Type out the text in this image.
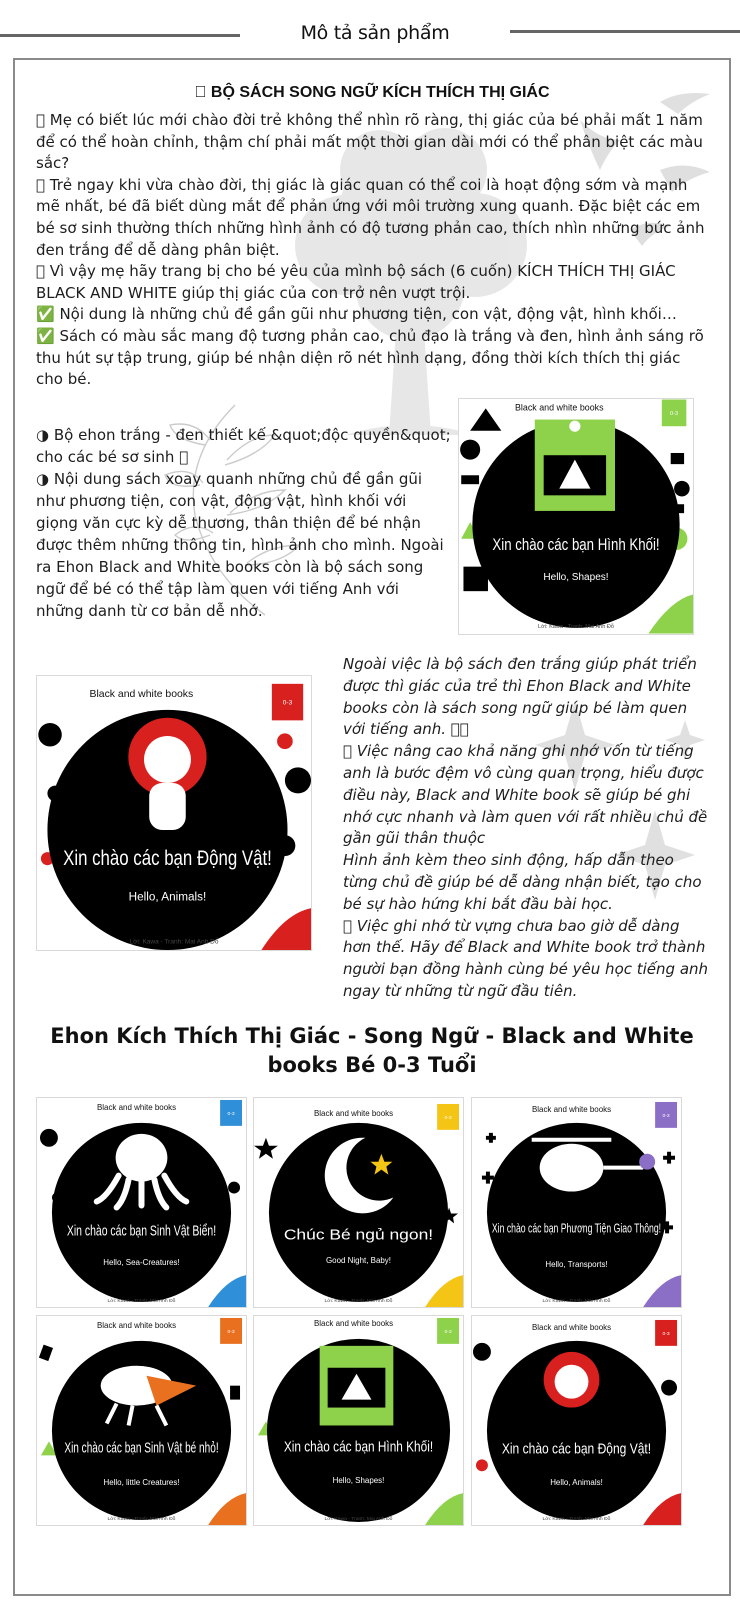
Mô tả sản phẩm
  BỘ SÁCH SONG NGỮ KÍCH THÍCH THỊ GIÁC

  Mẹ có biết lúc mới chào đời trẻ không thể nhìn rõ ràng, thị giác của bé phải mất 1 năm để có thể hoàn chỉnh, thậm chí phải mất một thời gian dài mới có thể phân biệt các màu sắc?

  Trẻ ngay khi vừa chào đời, thị giác là giác quan có thể coi là hoạt động sớm và mạnh mẽ nhất, bé đã biết dùng mắt để phản ứng với môi trường xung quanh. Đặc biệt các em bé sơ sinh thường thích những hình ảnh có độ tương phản cao, thích nhìn những bức ảnh đen trắng để dễ dàng phân biệt.

  Vì vậy mẹ hãy trang bị cho bé yêu của mình bộ sách (6 cuốn) KÍCH THÍCH THỊ GIÁC BLACK AND WHITE giúp thị giác của con trở nên vượt trội.

✅ Nội dung là những chủ đề gần gũi như phương tiện, con vật, động vật, hình khối…

✅ Sách có màu sắc mang độ tương phản cao, chủ đạo là trắng và đen, hình ảnh sáng rõ thu hút sự tập trung, giúp bé nhận diện rõ nét hình dạng, đồng thời kích thích thị giác cho bé.

◑ Bộ ehon trắng - đen thiết kế &quot;độc quyền&quot; cho các bé sơ sinh  

◑ Nội dung sách xoay quanh những chủ đề gần gũi như phương tiện, con vật, động vật, hình khối với giọng văn cực kỳ dễ thương, thân thiện để bé nhận được thêm những thông tin, hình ảnh cho mình. Ngoài ra Ehon Black and White books còn là bộ sách song ngữ để bé có thể tập làm quen với tiếng Anh với những danh từ cơ bản dễ nhớ.

Black and white books
0-3
Xin chào các bạn Hình Khối!
Hello, Shapes!
Lời: Kawa - Tranh: Mai Anh Đỗ
Black and white books
0-3
Xin chào các bạn Động Vật!
Hello, Animals!
Lời: Kawa - Tranh: Mai Anh Đỗ

Ngoài việc là bộ sách đen trắng giúp phát triển được thì giác của trẻ thì Ehon Black and White books còn là sách song ngữ giúp bé làm quen với tiếng anh.   

  Việc nâng cao khả năng ghi nhớ vốn từ tiếng anh là bước đệm vô cùng quan trọng, hiểu được điều này, Black and White book sẽ giúp bé ghi nhớ cực nhanh và làm quen với rất nhiều chủ đề gần gũi thân thuộc

Hình ảnh kèm theo sinh động, hấp dẫn theo từng chủ đề giúp bé dễ dàng nhận biết, tạo cho bé sự hào hứng khi bắt đầu bài học.

  Việc ghi nhớ từ vựng chưa bao giờ dễ dàng hơn thế. Hãy để Black and White book trở thành người bạn đồng hành cùng bé yêu học tiếng anh ngay từ những từ ngữ đầu tiên.

Ehon Kích Thích Thị Giác - Song Ngữ - Black and White books Bé 0-3 Tuổi
Black and white books
0-3
Xin chào các bạn Sinh Vật Biển!
Hello, Sea-Creatures!
Lời: Kawa - Tranh: Mai Anh Đỗ
Black and white books
0-3
Chúc Bé ngủ ngon!
Good Night, Baby!
Lời: Kawa - Tranh: Mai Anh Đỗ
Black and white books
0-3
Xin chào các bạn Phương Tiện Giao Thông!
Hello, Transports!
Lời: Kawa - Tranh: Mai Anh Đỗ
Black and white books
0-3
Xin chào các bạn Sinh Vật bé nhỏ!
Hello, little Creatures!
Lời: Kawa - Tranh: Mai Anh Đỗ
Black and white books
0-3
Xin chào các bạn Hình Khối!
Hello, Shapes!
Lời: Kawa - Tranh: Mai Anh Đỗ
Black and white books
0-3
Xin chào các bạn Động Vật!
Hello, Animals!
Lời: Kawa - Tranh: Mai Anh Đỗ
